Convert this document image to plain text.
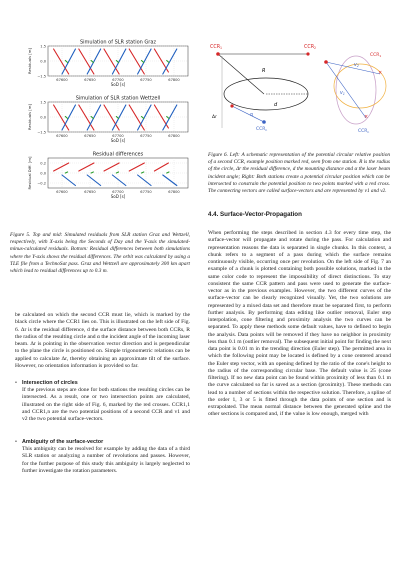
Simulation of SLR station Graz
67600	67650	67700	67750	67800
1.5
0.0
−1.5
SoD [s]
Residuals [m]
Simulation of SLR station Wettzell
67600	67650	67700	67750	67800
1.5
0.0
−1.5
SoD [s]
Residuals [m]
Residual differences
67600	67650	67700	67750	67800
0.2
0.0
−0.2
SoD [s]
Residual Diff. [m]

Figure 5. Top and mid: Simulated residuals from SLR station Graz and Wettzell, respectively, with X-axis being the Seconds of Day and the Y-axis the simulated-minus-calculated residuals. Bottom: Residual differences between both simulations where the Y-axis shows the residual differences. The orbit was calculated by using a TLE file from a TechnoSat pass. Graz and Wettzell are approximately 300 km apart which lead to residual differences up to 0.3 m.

be calculated on which the second CCR must lie, which is marked by the black circle where the CCR1 lies on. This is illustrated on the left side of Fig. 6. Δr is the residual difference, d the surface distance between both CCRs, R the radius of the resulting circle and α the incident angle of the incoming laser beam. Δr is pointing in the observation vector direction and is perpendicular to the plane the circle is positioned on. Simple trigonometric relations can be applied to calculate Δr, thereby obtaining an approximate tilt of the surface. However, no orientation information is provided so far.

• Intersection of circles
If the previous steps are done for both stations the resulting circles can be intersected. As a result, one or two intersection points are calculated, illustrated on the right side of Fig. 6, marked by the red crosses. CCR1,1 and CCR1,n are the two potential positions of a second CCR and v1 and v2 the two potential surface-vectors.
• Ambiguity of the surface-vector
This ambiguity can be resolved for example by adding the data of a third SLR station or analyzing a number of revolutions and passes. However, for the further purpose of this study this ambiguity is largely neglected to further investigate the rotation parameters.
$CCR_1$	$CCR_2$
R
d
α
Δr
$CCR_n$
×
×
$CCR_1$
$CCR_n$
$v_1$
$v_2$

Figure 6. Left: A schematic representation of the potential circular relative position of a second CCR, example position marked red, seen from one station. R is the radius of the circle, Δr the residual difference, d the mounting distance and α the laser beam incident angle; Right: Both stations create a potential circular position which can be intersected to constrain the potential position to two points marked with a red cross. The connecting vectors are called surface-vectors and are represented by v1 and v2.

4.4. Surface-Vector-Propagation

When performing the steps described in section 4.3 for every time step, the surface-vector will propagate and rotate during the pass. For calculation and representation reasons the data is separated in single chunks. In this context, a chunk refers to a segment of a pass during which the surface remains continuously visible, occurring once per revolution. On the left side of Fig. 7 an example of a chunk is plotted containing both possible solutions, marked in the same color code to represent the impossibility of direct distinctions. To stay consistent the same CCR pattern and pass were used to generate the surface-vector as in the previous examples. However, the two different curves of the surface-vector can be clearly recognized visually. Yet, the two solutions are represented by a mixed data set and therefore must be separated first, to perform further analysis. By performing data editing like outlier removal, Euler step interpolation, cone filtering and proximity analysis the two curves can be separated. To apply these methods some default values, have to defined to begin the analysis. Data points will be removed if they have no neighbor in proximity less than 0.1 m (outlier removal). The subsequent initial point for finding the next data point is 0.01 m in the trending direction (Euler step). The permitted area in which the following point may be located is defined by a cone centered around the Euler step vector, with an opening defined by the ratio of the cone's height to the radius of the corresponding circular base. The default value is 25 (cone filtering). If no new data point can be found within proximity of less than 0.1 m the curve calculated so far is saved as a section (proximity). These methods can lead to a number of sections within the respective solution. Therefore, a spline of the order 1, 3 or 5 is fitted through the data points of one section and is extrapolated. The mean normal distance between the generated spline and the other sections is compared and, if the value is low enough, merged with
